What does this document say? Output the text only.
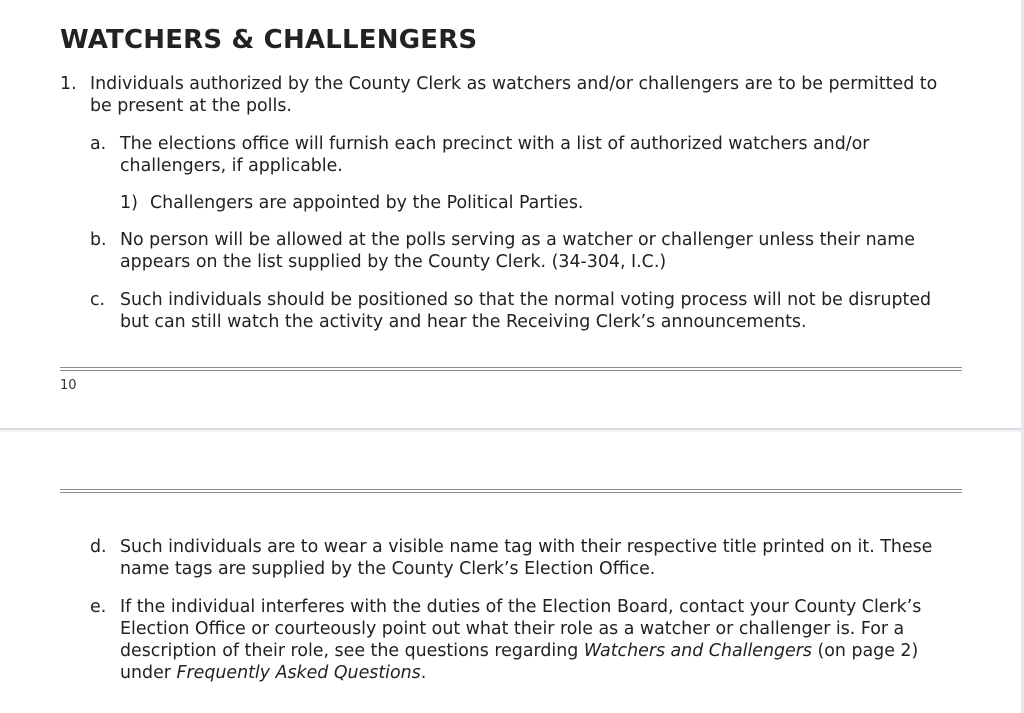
WATCHERS & CHALLENGERS
1. Individuals authorized by the County Clerk as watchers and/or challengers are to be permitted to be present at the polls.
a. The elections office will furnish each precinct with a list of authorized watchers and/or challengers, if applicable.
1) Challengers are appointed by the Political Parties.
b. No person will be allowed at the polls serving as a watcher or challenger unless their name appears on the list supplied by the County Clerk. (34-304, I.C.)
c. Such individuals should be positioned so that the normal voting process will not be disrupted but can still watch the activity and hear the Receiving Clerk’s announcements.
10
d. Such individuals are to wear a visible name tag with their respective title printed on it. These name tags are supplied by the County Clerk’s Election Office.
e. If the individual interferes with the duties of the Election Board, contact your County Clerk’s Election Office or courteously point out what their role as a watcher or challenger is. For a description of their role, see the questions regarding Watchers and Challengers (on page 2) under Frequently Asked Questions.
